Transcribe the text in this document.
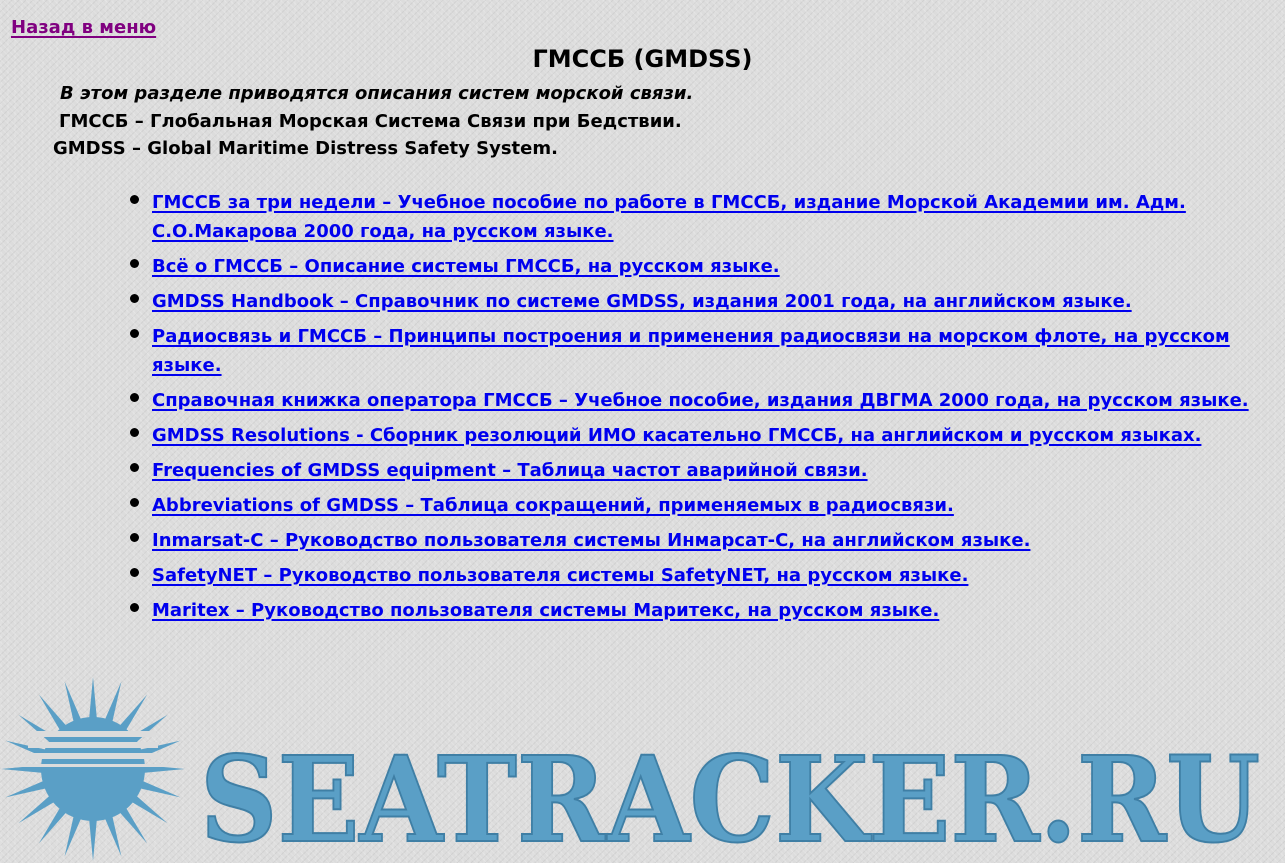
Назад в меню
ГМССБ (GMDSS)
В этом разделе приводятся описания систем морской связи.
ГМССБ – Глобальная Морская Система Связи при Бедствии.
GMDSS – Global Maritime Distress Safety System.
ГМССБ за три недели – Учебное пособие по работе в ГМССБ, издание Морской Академии им. Адм. С.О.Макарова 2000 года, на русском языке.
Всё о ГМССБ – Описание системы ГМССБ, на русском языке.
GMDSS Handbook – Справочник по системе GMDSS, издания 2001 года, на английском языке.
Радиосвязь и ГМССБ – Принципы построения и применения радиосвязи на морском флоте, на русском языке.
Справочная книжка оператора ГМССБ – Учебное пособие, издания ДВГМА 2000 года, на русском языке.
GMDSS Resolutions - Сборник резолюций ИМО касательно ГМССБ, на английском и русском языках.
Frequencies of GMDSS equipment – Таблица частот аварийной связи.
Abbreviations of GMDSS – Таблица сокращений, применяемых в радиосвязи.
Inmarsat-C – Руководство пользователя системы Инмарсат-С, на английском языке.
SafetyNET – Руководство пользователя системы SafetyNET, на русском языке.
Maritex – Руководство пользователя системы Маритекс, на русском языке.
SEATRACKER.RU
